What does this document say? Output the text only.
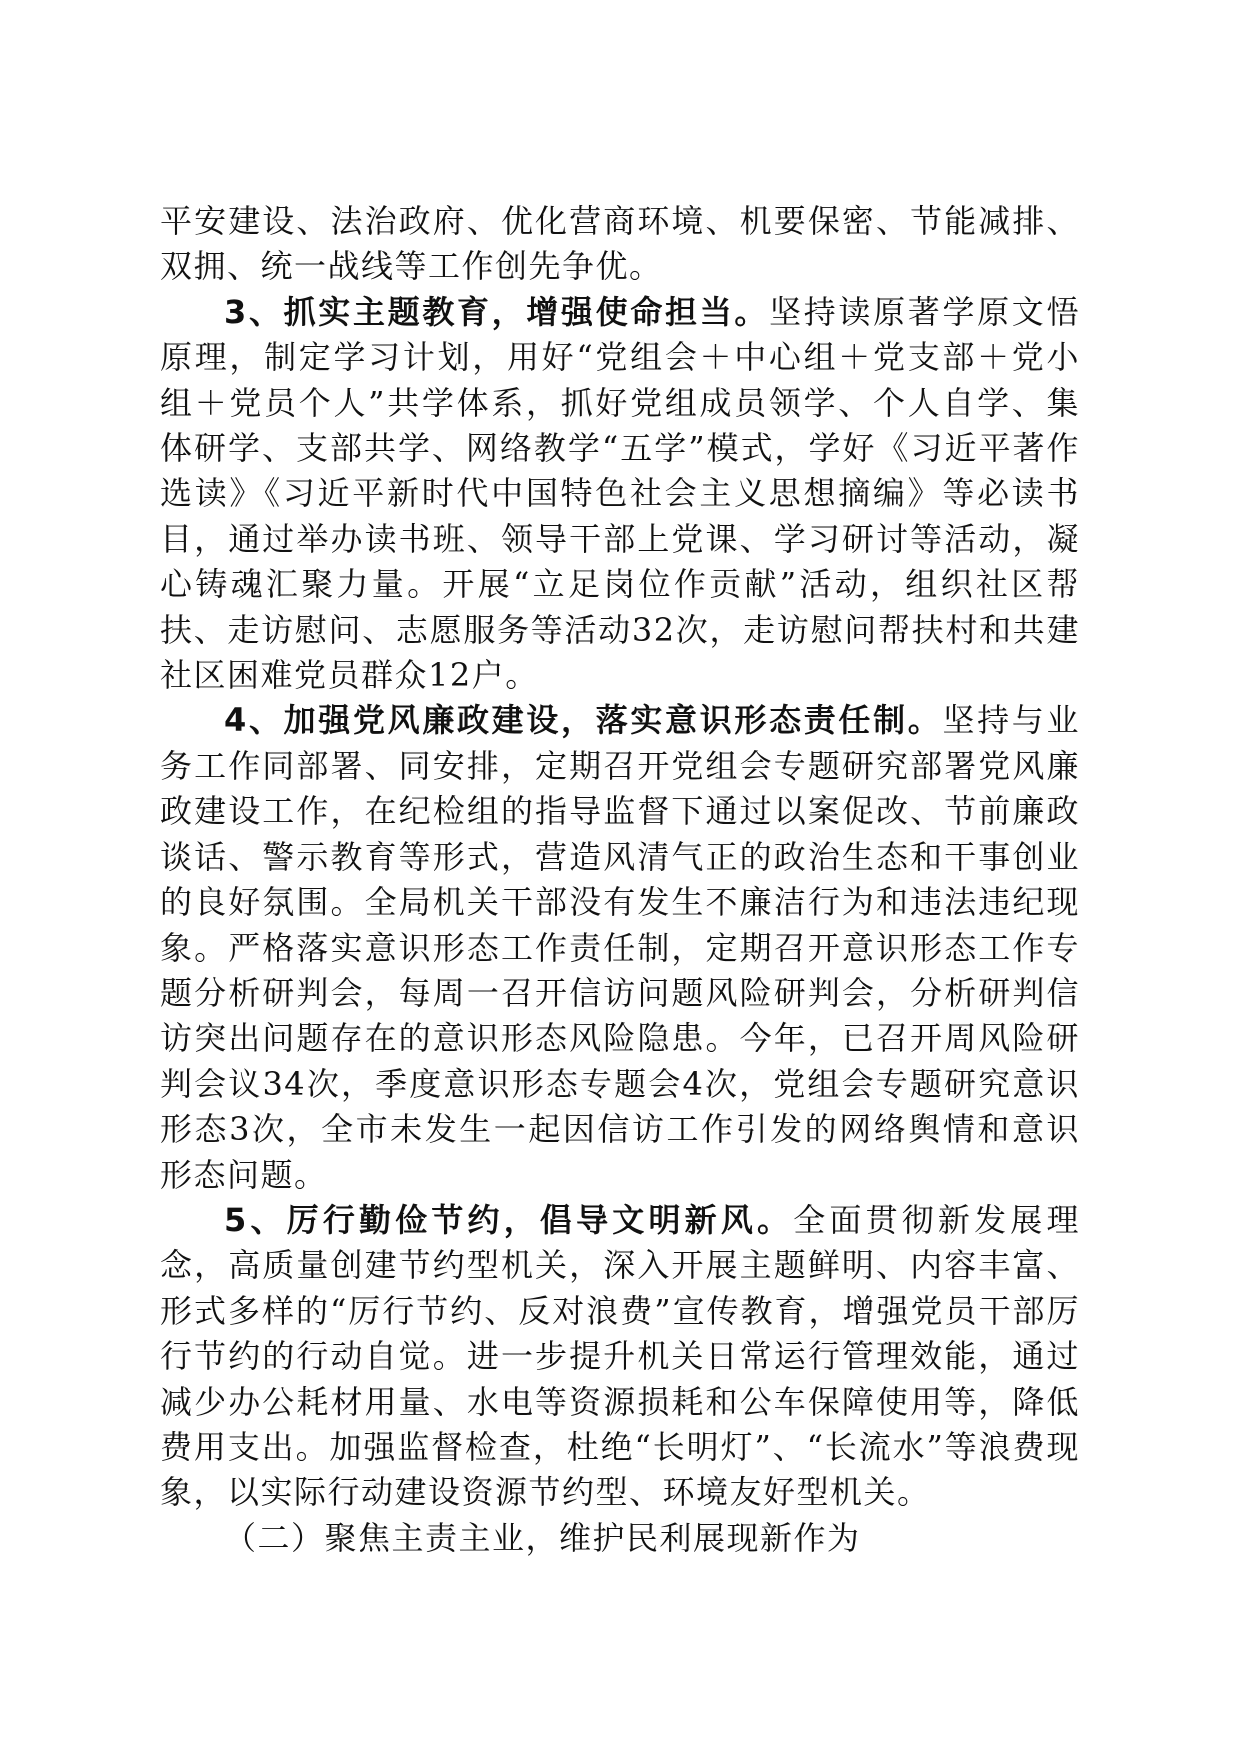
平安建设、法治政府、优化营商环境、机要保密、节能减排、双拥、统一战线等工作创先争优。

3、抓实主题教育，增强使命担当。坚持读原著学原文悟原理，制定学习计划，用好“党组会＋中心组＋党支部＋党小组＋党员个人”共学体系，抓好党组成员领学、个人自学、集体研学、支部共学、网络教学“五学”模式，学好《习近平著作选读》《习近平新时代中国特色社会主义思想摘编》等必读书目，通过举办读书班、领导干部上党课、学习研讨等活动，凝心铸魂汇聚力量。开展“立足岗位作贡献”活动，组织社区帮扶、走访慰问、志愿服务等活动32次，走访慰问帮扶村和共建社区困难党员群众12户。

4、加强党风廉政建设，落实意识形态责任制。坚持与业务工作同部署、同安排，定期召开党组会专题研究部署党风廉政建设工作，在纪检组的指导监督下通过以案促改、节前廉政谈话、警示教育等形式，营造风清气正的政治生态和干事创业的良好氛围。全局机关干部没有发生不廉洁行为和违法违纪现象。严格落实意识形态工作责任制，定期召开意识形态工作专题分析研判会，每周一召开信访问题风险研判会，分析研判信访突出问题存在的意识形态风险隐患。今年，已召开周风险研判会议34次，季度意识形态专题会4次，党组会专题研究意识形态3次，全市未发生一起因信访工作引发的网络舆情和意识形态问题。

5、厉行勤俭节约，倡导文明新风。全面贯彻新发展理念，高质量创建节约型机关，深入开展主题鲜明、内容丰富、形式多样的“厉行节约、反对浪费”宣传教育，增强党员干部厉行节约的行动自觉。进一步提升机关日常运行管理效能，通过减少办公耗材用量、水电等资源损耗和公车保障使用等，降低费用支出。加强监督检查，杜绝“长明灯”、“长流水”等浪费现象，以实际行动建设资源节约型、环境友好型机关。

（二）聚焦主责主业，维护民利展现新作为
